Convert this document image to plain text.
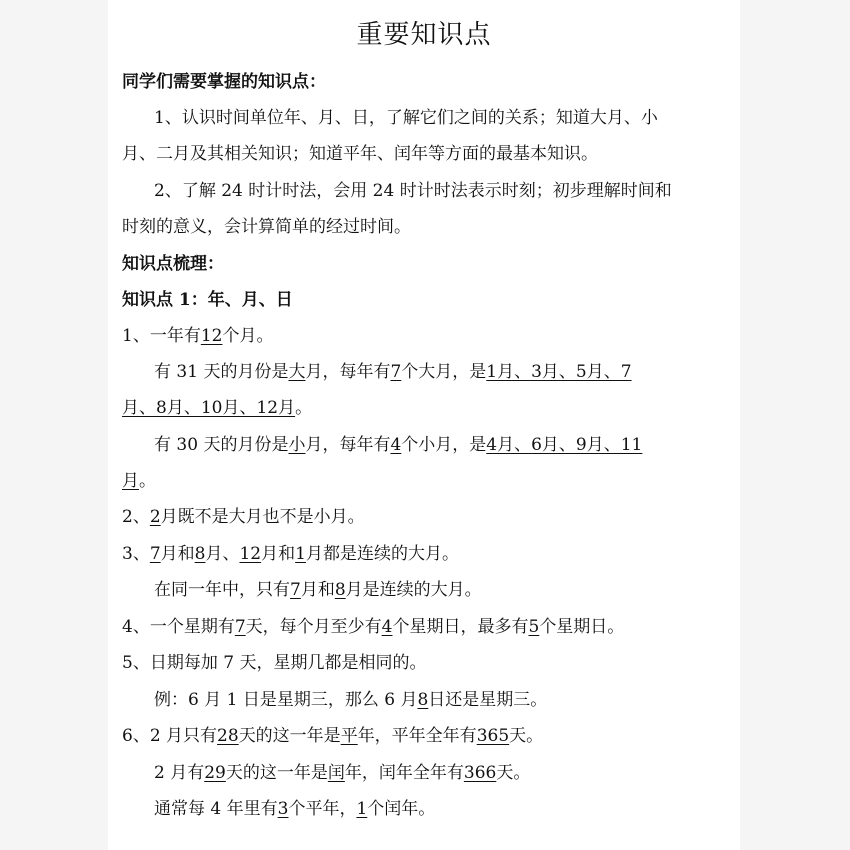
重要知识点
同学们需要掌握的知识点：
1、认识时间单位年、月、日，了解它们之间的关系；知道大月、小
月、二月及其相关知识；知道平年、闰年等方面的最基本知识。
2、了解 24 时计时法，会用 24 时计时法表示时刻；初步理解时间和
时刻的意义，会计算简单的经过时间。
知识点梳理：
知识点 1：年、月、日
1、一年有12个月。
有 31 天的月份是大月，每年有7个大月，是1月、3月、5月、7
月、8月、10月、12月。
有 30 天的月份是小月，每年有4个小月，是4月、6月、9月、11
月。
2、2月既不是大月也不是小月。
3、7月和8月、12月和1月都是连续的大月。
在同一年中，只有7月和8月是连续的大月。
4、一个星期有7天，每个月至少有4个星期日，最多有5个星期日。
5、日期每加 7 天，星期几都是相同的。
例：6 月 1 日是星期三，那么 6 月8日还是星期三。
6、2 月只有28天的这一年是平年，平年全年有365天。
2 月有29天的这一年是闰年，闰年全年有366天。
通常每 4 年里有3个平年，1个闰年。
